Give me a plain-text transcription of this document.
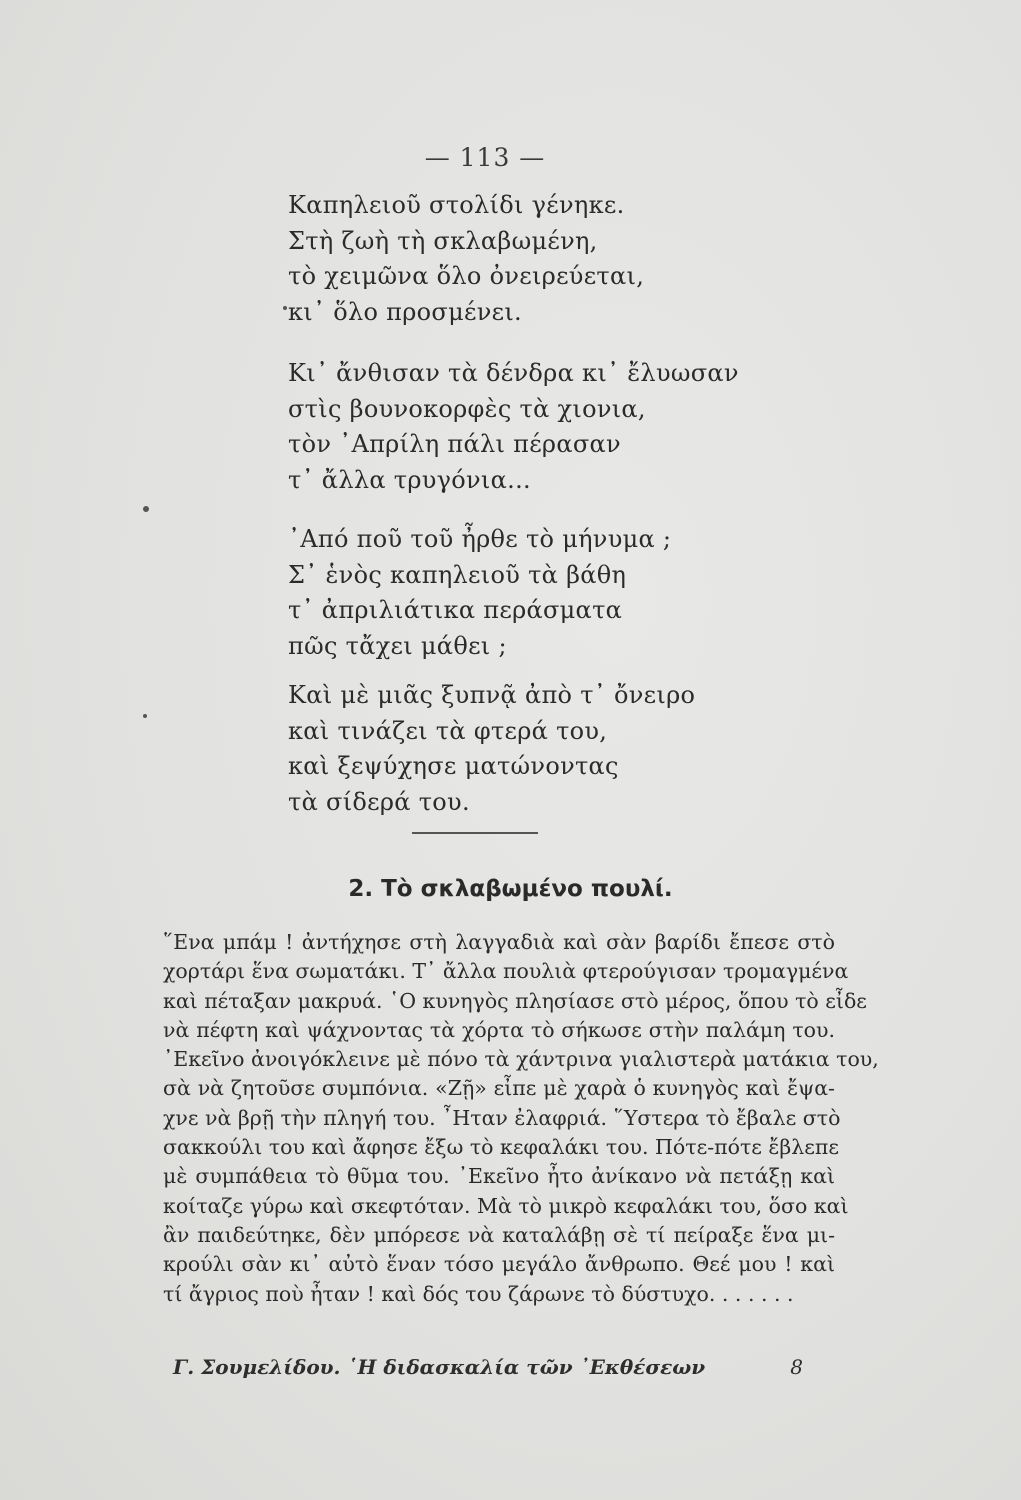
— 113 —
Καπηλειοῦ στολίδι γένηκε.
Στὴ ζωὴ τὴ σκλαβωμένη,
τὸ χειμῶνα ὅλο ὀνειρεύεται,
κι᾿ ὅλο προσμένει.
Κι᾿ ἄνθισαν τὰ δένδρα κι᾿ ἔλυωσαν
στὶς βουνοκορφὲς τὰ χιονια,
τὸν ᾿Απρίλη πάλι πέρασαν
τ᾿ ἄλλα τρυγόνια...
᾿Από ποῦ τοῦ ἦρθε τὸ μήνυμα ;
Σ᾿ ἑνὸς καπηλειοῦ τὰ βάθη
τ᾿ ἀπριλιάτικα περάσματα
πῶς τἄχει μάθει ;
Καὶ μὲ μιᾶς ξυπνᾷ ἀπὸ τ᾿ ὄνειρο
καὶ τινάζει τὰ φτερά του,
καὶ ξεψύχησε ματώνοντας
τὰ σίδερά του.
2. Τὸ σκλαβωμένο πουλί.
῞Ενα μπάμ ! ἀντήχησε στὴ λαγγαδιὰ καὶ σὰν βαρίδι ἔπεσε στὸ
χορτάρι ἕνα σωματάκι. Τ᾿ ἄλλα πουλιὰ φτερούγισαν τρομαγμένα
καὶ πέταξαν μακρυά. ῾Ο κυνηγὸς πλησίασε στὸ μέρος, ὅπου τὸ εἶδε
νὰ πέφτη καὶ ψάχνοντας τὰ χόρτα τὸ σήκωσε στὴν παλάμη του.
᾿Εκεῖνο ἀνοιγόκλεινε μὲ πόνο τὰ χάντρινα γιαλιστερὰ ματάκια του,
σὰ νὰ ζητοῦσε συμπόνια. «Ζῇ» εἶπε μὲ χαρὰ ὁ κυνηγὸς καὶ ἔψα-
χνε νὰ βρῇ τὴν πληγή του. ῏Ηταν ἐλαφριά. ῞Υστερα τὸ ἔβαλε στὸ
σακκούλι του καὶ ἄφησε ἔξω τὸ κεφαλάκι του. Πότε-πότε ἔβλεπε
μὲ συμπάθεια τὸ θῦμα του. ᾿Εκεῖνο ἦτο ἀνίκανο νὰ πετάξῃ καὶ
κοίταζε γύρω καὶ σκεφτόταν. Μὰ τὸ μικρὸ κεφαλάκι του, ὅσο καὶ
ἂν παιδεύτηκε, δὲν μπόρεσε νὰ καταλάβῃ σὲ τί πείραξε ἕνα μι-
κρούλι σὰν κι᾿ αὐτὸ ἕναν τόσο μεγάλο ἄνθρωπο. Θεέ μου ! καὶ
τί ἄγριος ποὺ ἦταν ! καὶ δός του ζάρωνε τὸ δύστυχο. . . . . . .
Γ. Σουμελίδου. ῾Η διδασκαλία τῶν ᾿Εκθέσεων	8
